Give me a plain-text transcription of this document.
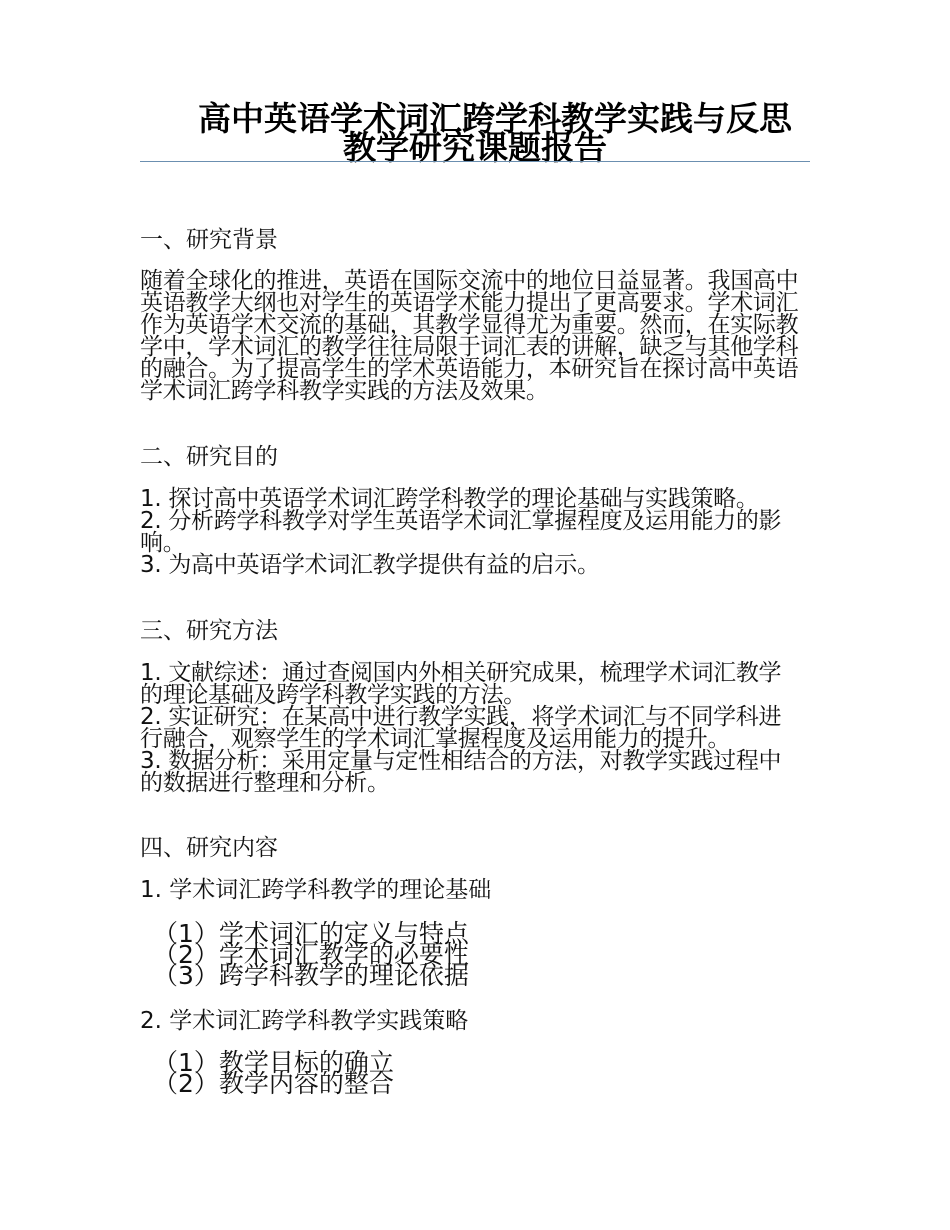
高中英语学术词汇跨学科教学实践与反思
教学研究课题报告
一、研究背景

随着全球化的推进，英语在国际交流中的地位日益显著。我国高中英语教学大纲也对学生的英语学术能力提出了更高要求。学术词汇作为英语学术交流的基础，其教学显得尤为重要。然而，在实际教学中，学术词汇的教学往往局限于词汇表的讲解，缺乏与其他学科的融合。为了提高学生的学术英语能力，本研究旨在探讨高中英语学术词汇跨学科教学实践的方法及效果。

二、研究目的
1. 探讨高中英语学术词汇跨学科教学的理论基础与实践策略。
2. 分析跨学科教学对学生英语学术词汇掌握程度及运用能力的影响。
3. 为高中英语学术词汇教学提供有益的启示。
三、研究方法
1. 文献综述：通过查阅国内外相关研究成果，梳理学术词汇教学的理论基础及跨学科教学实践的方法。
2. 实证研究：在某高中进行教学实践，将学术词汇与不同学科进行融合，观察学生的学术词汇掌握程度及运用能力的提升。
3. 数据分析：采用定量与定性相结合的方法，对教学实践过程中的数据进行整理和分析。
四、研究内容

1. 学术词汇跨学科教学的理论基础

（1）学术词汇的定义与特点
（2）学术词汇教学的必要性
（3）跨学科教学的理论依据

2. 学术词汇跨学科教学实践策略

（1）教学目标的确立
（2）教学内容的整合
